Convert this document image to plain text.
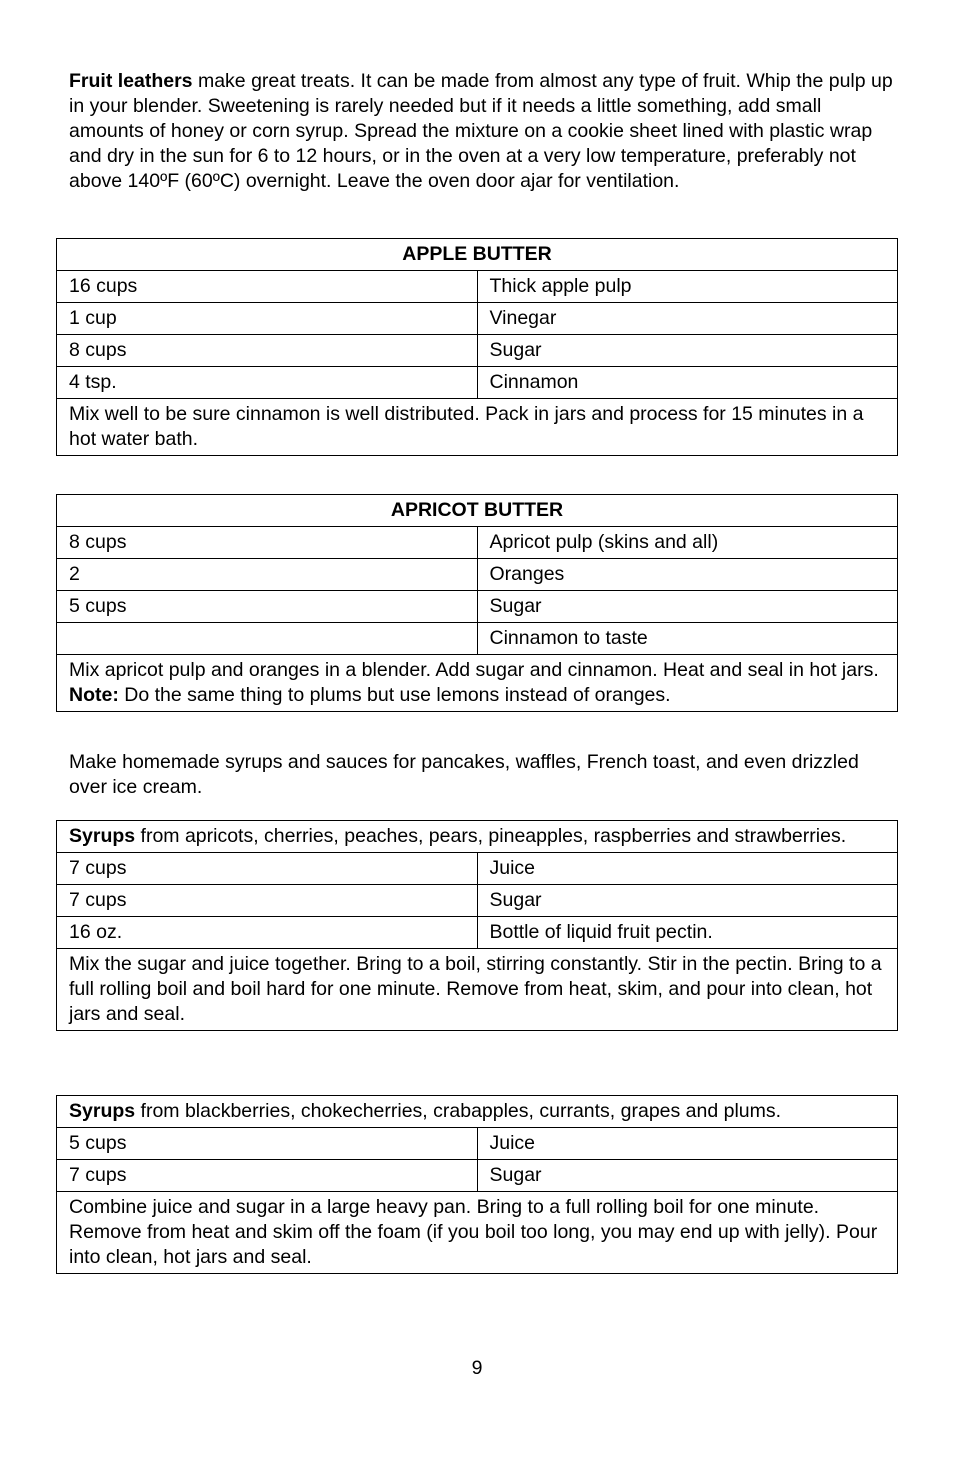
Fruit leathers make great treats. It can be made from almost any type of fruit. Whip the pulp up in your blender. Sweetening is rarely needed but if it needs a little something, add small amounts of honey or corn syrup. Spread the mixture on a cookie sheet lined with plastic wrap and dry in the sun for 6 to 12 hours, or in the oven at a very low temperature, preferably not above 140ºF (60ºC) overnight. Leave the oven door ajar for ventilation.

APPLE BUTTER	
16 cups	Thick apple pulp
1 cup	Vinegar
8 cups	Sugar
4 tsp.	Cinnamon
Mix well to be sure cinnamon is well distributed. Pack in jars and process for 15 minutes in a hot water bath.	
APRICOT BUTTER	
8 cups	Apricot pulp (skins and all)
2	Oranges
5 cups	Sugar
	Cinnamon to taste
Mix apricot pulp and oranges in a blender. Add sugar and cinnamon. Heat and seal in hot jars. Note: Do the same thing to plums but use lemons instead of oranges.	

Make homemade syrups and sauces for pancakes, waffles, French toast, and even drizzled over ice cream.

Syrups from apricots, cherries, peaches, pears, pineapples, raspberries and strawberries.	
7 cups	Juice
7 cups	Sugar
16 oz.	Bottle of liquid fruit pectin.
Mix the sugar and juice together. Bring to a boil, stirring constantly. Stir in the pectin. Bring to a full rolling boil and boil hard for one minute. Remove from heat, skim, and pour into clean, hot jars and seal.	
Syrups from blackberries, chokecherries, crabapples, currants, grapes and plums.	
5 cups	Juice
7 cups	Sugar
Combine juice and sugar in a large heavy pan. Bring to a full rolling boil for one minute. Remove from heat and skim off the foam (if you boil too long, you may end up with jelly). Pour into clean, hot jars and seal.	
9
